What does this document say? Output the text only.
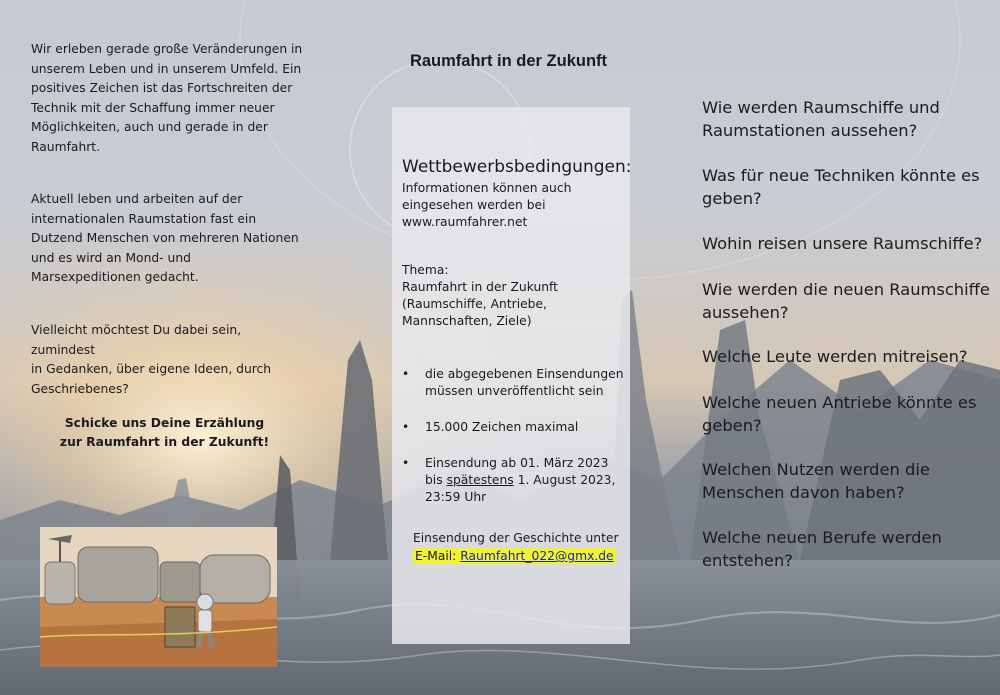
Wir erleben gerade große Veränderungen in
unserem Leben und in unserem Umfeld. Ein
positives Zeichen ist das Fortschreiten der
Technik mit der Schaffung immer neuer
Möglichkeiten, auch und gerade in der
Raumfahrt.

Aktuell leben und arbeiten auf der
internationalen Raumstation fast ein
Dutzend Menschen von mehreren Nationen
und es wird an Mond- und
Marsexpeditionen gedacht.

Vielleicht möchtest Du dabei sein, zumindest
in Gedanken, über eigene Ideen, durch
Geschriebenes?

Schicke uns Deine Erzählung
zur Raumfahrt in der Zukunft!
Raumfahrt in der Zukunft
Wettbewerbsbedingungen:
Informationen können auch
eingesehen werden bei
www.raumfahrer.net
Thema:
Raumfahrt in der Zukunft
(Raumschiffe, Antriebe,
Mannschaften, Ziele)
• die abgegebenen Einsendungen
müssen unveröffentlicht sein
• 15.000 Zeichen maximal
• Einsendung ab 01. März 2023
bis spätestens 1. August 2023,
23:59 Uhr
Einsendung der Geschichte unter
E-Mail: Raumfahrt_022@gmx.de
Wie werden Raumschiffe und
Raumstationen aussehen?
Was für neue Techniken könnte es
geben?
Wohin reisen unsere Raumschiffe?
Wie werden die neuen Raumschiffe
aussehen?
Welche Leute werden mitreisen?
Welche neuen Antriebe könnte es
geben?
Welchen Nutzen werden die
Menschen davon haben?
Welche neuen Berufe werden
entstehen?
